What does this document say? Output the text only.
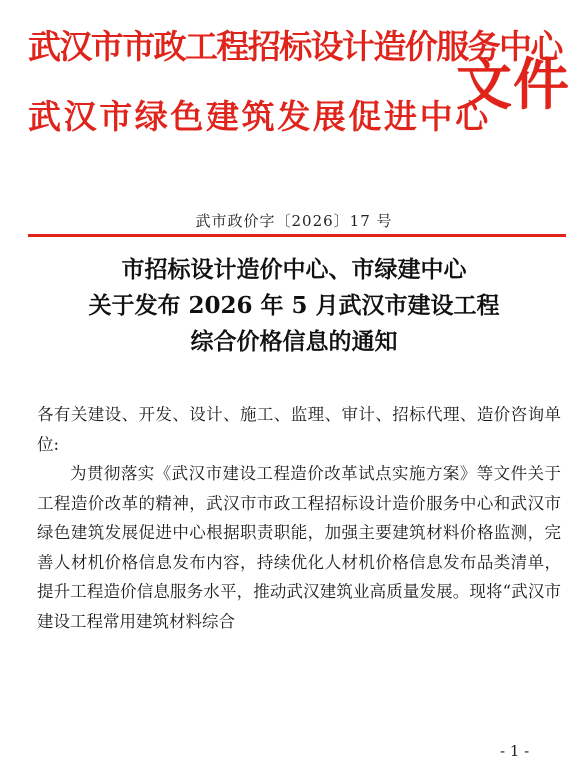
武汉市市政工程招标设计造价服务中心
武汉市绿色建筑发展促进中心
文件
武市政价字〔2026〕17 号
市招标设计造价中心、市绿建中心
关于发布 2026 年 5 月武汉市建设工程
综合价格信息的通知

各有关建设、开发、设计、施工、监理、审计、招标代理、造价咨询单位:

为贯彻落实《武汉市建设工程造价改革试点实施方案》等文件关于工程造价改革的精神，武汉市市政工程招标设计造价服务中心和武汉市绿色建筑发展促进中心根据职责职能，加强主要建筑材料价格监测，完善人材机价格信息发布内容，持续优化人材机价格信息发布品类清单，提升工程造价信息服务水平，推动武汉建筑业高质量发展。现将“武汉市建设工程常用建筑材料综合

- 1 -
